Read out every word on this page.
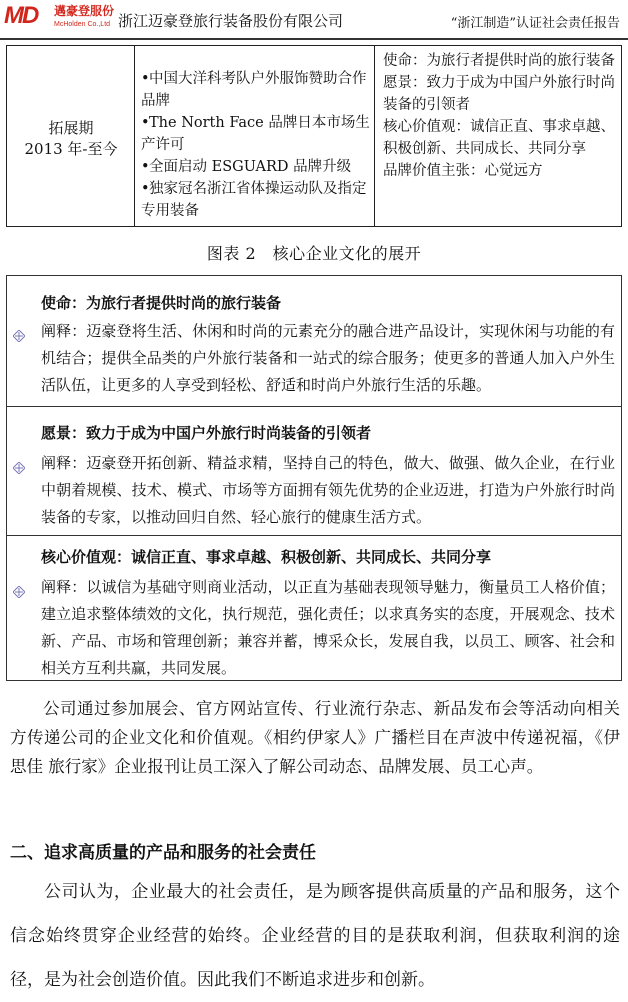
MD	邁豪登服份
McHolden Co.,Ltd 浙江迈豪登旅行装备股份有限公司	“浙江制造”认证社会责任报告
拓展期
2013 年-至今
•中国大洋科考队户外服饰赞助合作品牌
•The North Face 品牌日本市场生产许可
•全面启动 ESGUARD 品牌升级
•独家冠名浙江省体操运动队及指定专用装备
使命：为旅行者提供时尚的旅行装备
愿景：致力于成为中国户外旅行时尚装备的引领者
核心价值观：诚信正直、事求卓越、积极创新、共同成长、共同分享
品牌价值主张：心觉远方
图表 2　核心企业文化的展开
使命：为旅行者提供时尚的旅行装备
阐释：迈豪登将生活、休闲和时尚的元素充分的融合进产品设计，实现休闲与功能的有机结合；提供全品类的户外旅行装备和一站式的综合服务；使更多的普通人加入户外生活队伍，让更多的人享受到轻松、舒适和时尚户外旅行生活的乐趣。
愿景：致力于成为中国户外旅行时尚装备的引领者
阐释：迈豪登开拓创新、精益求精，坚持自己的特色，做大、做强、做久企业，在行业中朝着规模、技术、模式、市场等方面拥有领先优势的企业迈进，打造为户外旅行时尚装备的专家，以推动回归自然、轻心旅行的健康生活方式。
核心价值观：诚信正直、事求卓越、积极创新、共同成长、共同分享
阐释：以诚信为基础守则商业活动，以正直为基础表现领导魅力，衡量员工人格价值；建立追求整体绩效的文化，执行规范，强化责任；以求真务实的态度，开展观念、技术新、产品、市场和管理创新；兼容并蓄，博采众长，发展自我，以员工、顾客、社会和相关方互利共赢，共同发展。
公司通过参加展会、官方网站宣传、行业流行杂志、新品发布会等活动向相关方传递公司的企业文化和价值观。《相约伊家人》广播栏目在声波中传递祝福，《伊思佳 旅行家》企业报刊让员工深入了解公司动态、品牌发展、员工心声。
二、追求高质量的产品和服务的社会责任
公司认为，企业最大的社会责任，是为顾客提供高质量的产品和服务，这个信念始终贯穿企业经营的始终。企业经营的目的是获取利润，但获取利润的途径，是为社会创造价值。因此我们不断追求进步和创新。
